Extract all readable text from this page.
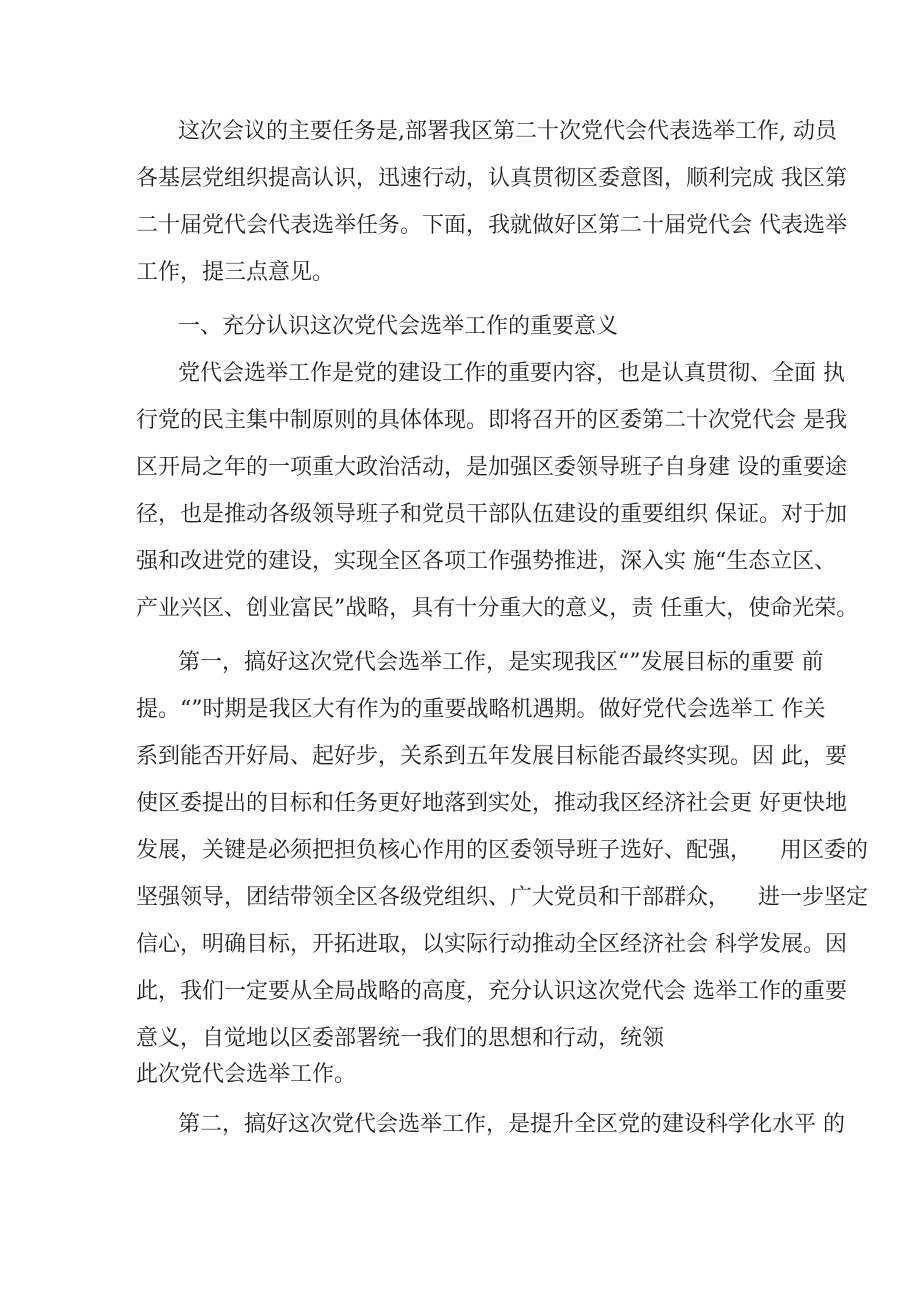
这次会议的主要任务是,部署我区第二十次党代会代表选举工作, 动员
各基层党组织提高认识，迅速行动，认真贯彻区委意图，顺利完成 我区第
二十届党代会代表选举任务。下面，我就做好区第二十届党代会 代表选举
工作，提三点意见。
一、充分认识这次党代会选举工作的重要意义
党代会选举工作是党的建设工作的重要内容，也是认真贯彻、全面 执
行党的民主集中制原则的具体体现。即将召开的区委第二十次党代会 是我
区开局之年的一项重大政治活动，是加强区委领导班子自身建 设的重要途
径，也是推动各级领导班子和党员干部队伍建设的重要组织 保证。对于加
强和改进党的建设，实现全区各项工作强势推进，深入实 施“生态立区、
产业兴区、创业富民”战略，具有十分重大的意义，责 任重大，使命光荣。
第一，搞好这次党代会选举工作，是实现我区“”发展目标的重要 前
提。“”时期是我区大有作为的重要战略机遇期。做好党代会选举工 作关
系到能否开好局、起好步，关系到五年发展目标能否最终实现。因 此，要
使区委提出的目标和任务更好地落到实处，推动我区经济社会更 好更快地
发展，关键是必须把担负核心作用的区委领导班子选好、配强，    用区委的
坚强领导，团结带领全区各级党组织、广大党员和干部群众，    进一步坚定
信心，明确目标，开拓进取，以实际行动推动全区经济社会 科学发展。因
此，我们一定要从全局战略的高度，充分认识这次党代会 选举工作的重要
意义，自觉地以区委部署统一我们的思想和行动，统领
此次党代会选举工作。
第二，搞好这次党代会选举工作，是提升全区党的建设科学化水平 的
